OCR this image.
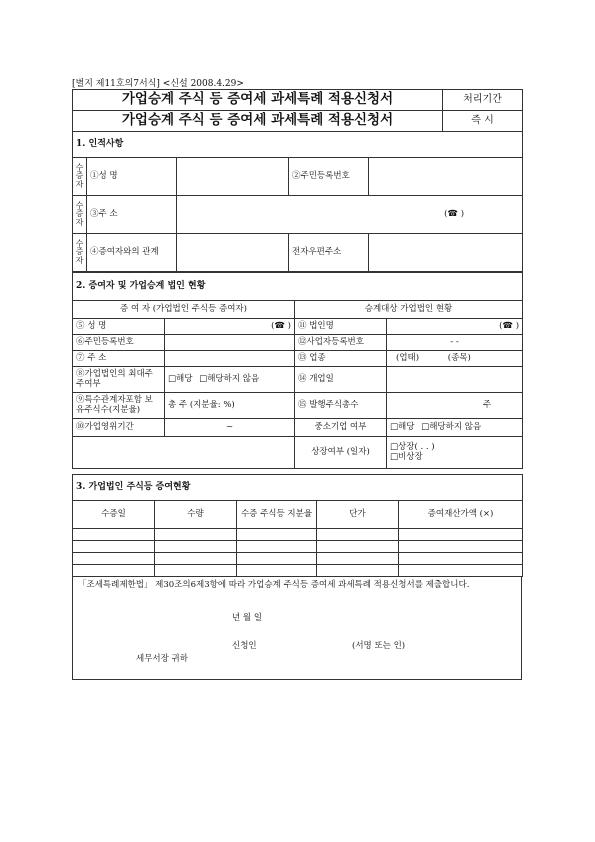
[별지 제11호의7서식] <신설 2008.4.29>
가업승계 주식 등 증여세 과세특례 적용신청서	처리기간
가업승계 주식 등 증여세 과세특례 적용신청서	즉 시
1. 인적사항				
수증자	①성 명		②주민등록번호	
수증자	③주 소	(☎ )		
수증자	④증여자와의 관계		전자우편주소	
2. 증여자 및 가업승계 법인 현황			
증 여 자 (가업법인 주식등 증여자)		승계대상 가업법인 현황	
⑤ 성 명	(☎ )	⑪ 법인명	(☎ )
⑥주민등록번호		⑫사업자등록번호	- -
⑦ 주 소		⑬ 업종	(업태) (종목)
⑧가업법인의 최대주주여부	□해당 □해당하지 않음	⑭ 개업일	
⑨특수관계자포함 보유주식수(지분율)	총 주 (지분율: %)	⑮ 발행주식총수	주
⑩가업영위기간	~	중소기업 여부	□해당 □해당하지 않음
		상장여부 (일자)	□상장( . . )
□비상장
3. 가업법인 주식등 증여현황				
수증일	수량	수증 주식등 지분율	단가	증여재산가액 (×)

「조세특례제한법」 제30조의6제3항에 따라 가업승계 주식등 증여세 과세특례 적용신청서를 제출합니다.
년 월 일
신청인	(서명 또는 인)
세무서장 귀하
